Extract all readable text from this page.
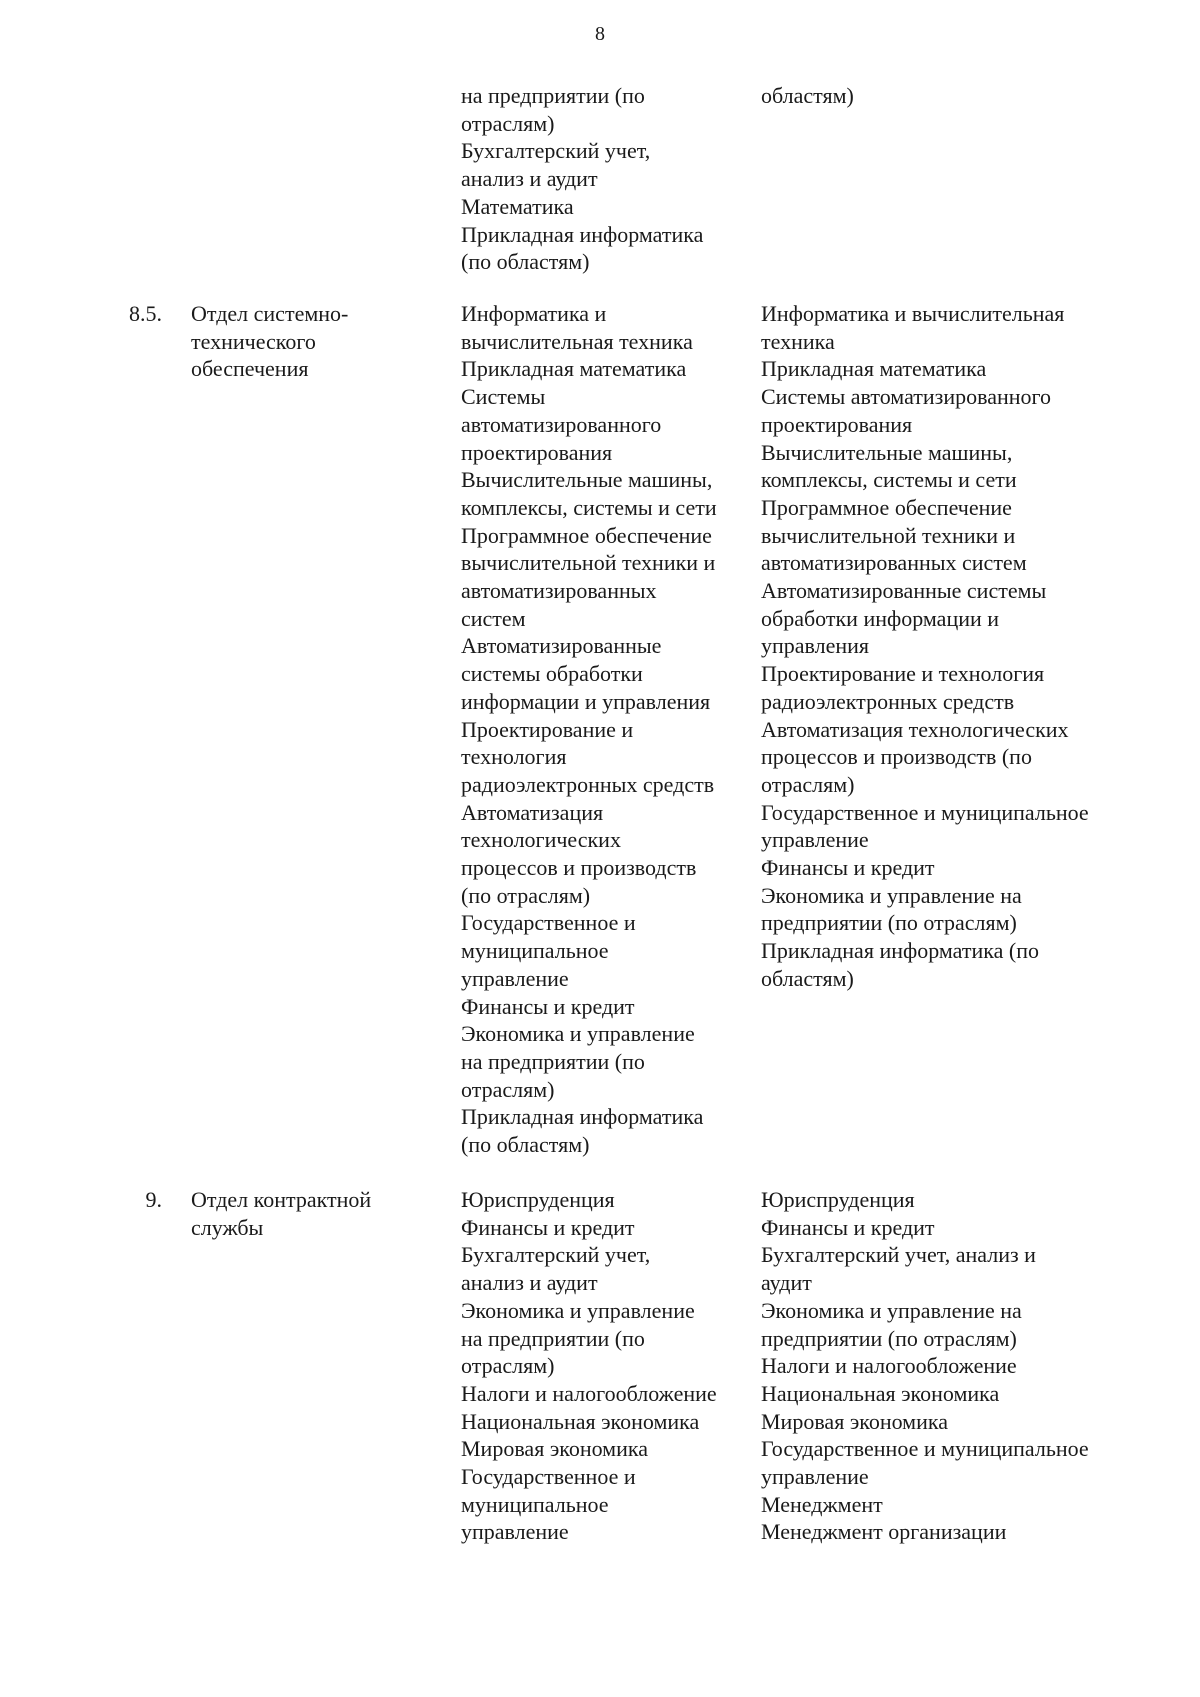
8
на предприятии (по
отраслям)
Бухгалтерский учет,
анализ и аудит
Математика
Прикладная информатика
(по областям)
областям)
8.5. Отдел системно-
технического
обеспечения
Информатика и
вычислительная техника
Прикладная математика
Системы
автоматизированного
проектирования
Вычислительные машины,
комплексы, системы и сети
Программное обеспечение
вычислительной техники и
автоматизированных
систем
Автоматизированные
системы обработки
информации и управления
Проектирование и
технология
радиоэлектронных средств
Автоматизация
технологических
процессов и производств
(по отраслям)
Государственное и
муниципальное
управление
Финансы и кредит
Экономика и управление
на предприятии (по
отраслям)
Прикладная информатика
(по областям)
Информатика и вычислительная
техника
Прикладная математика
Системы автоматизированного
проектирования
Вычислительные машины,
комплексы, системы и сети
Программное обеспечение
вычислительной техники и
автоматизированных систем
Автоматизированные системы
обработки информации и
управления
Проектирование и технология
радиоэлектронных средств
Автоматизация технологических
процессов и производств (по
отраслям)
Государственное и муниципальное
управление
Финансы и кредит
Экономика и управление на
предприятии (по отраслям)
Прикладная информатика (по
областям)
9. Отдел контрактной
службы
Юриспруденция
Финансы и кредит
Бухгалтерский учет,
анализ и аудит
Экономика и управление
на предприятии (по
отраслям)
Налоги и налогообложение
Национальная экономика
Мировая экономика
Государственное и
муниципальное
управление
Юриспруденция
Финансы и кредит
Бухгалтерский учет, анализ и
аудит
Экономика и управление на
предприятии (по отраслям)
Налоги и налогообложение
Национальная экономика
Мировая экономика
Государственное и муниципальное
управление
Менеджмент
Менеджмент организации
